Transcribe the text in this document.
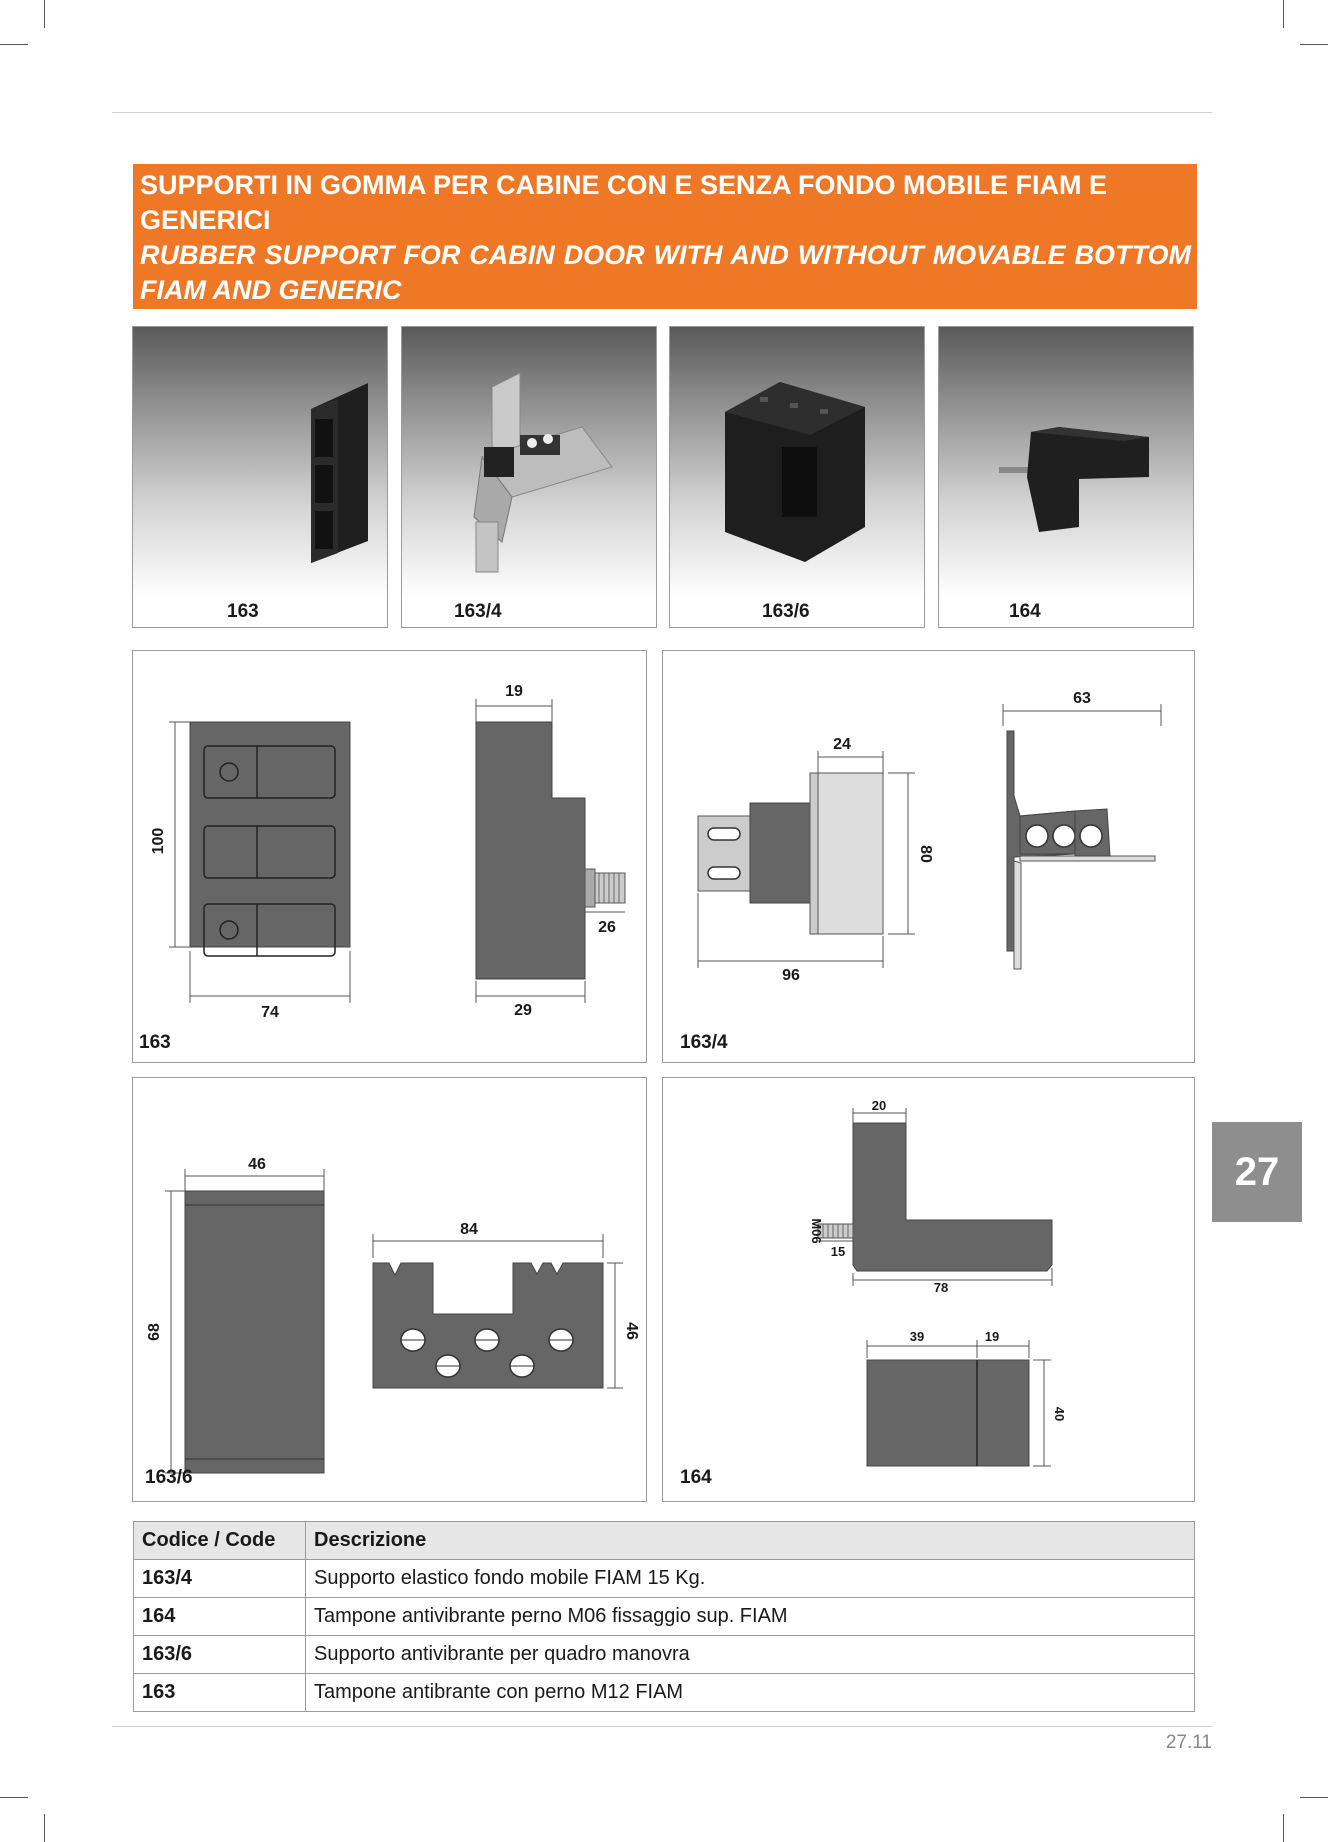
SUPPORTI IN GOMMA PER CABINE CON E SENZA FONDO MOBILE FIAM E GENERICI
RUBBER SUPPORT FOR CABIN DOOR WITH AND WITHOUT MOVABLE BOTTOM FIAM AND GENERIC
163	163/4	163/6	164
100
74
19
26
29
163
24
80
96
63
163/4
46
68
84
46
163/6
20
M06
15
78
39	19
40
164
Codice / Code	Descrizione
163/4	Supporto elastico fondo mobile FIAM 15 Kg.
164	Tampone antivibrante perno M06 fissaggio sup. FIAM
163/6	Supporto antivibrante per quadro manovra
163	Tampone antibrante con perno M12 FIAM
27
27.11
